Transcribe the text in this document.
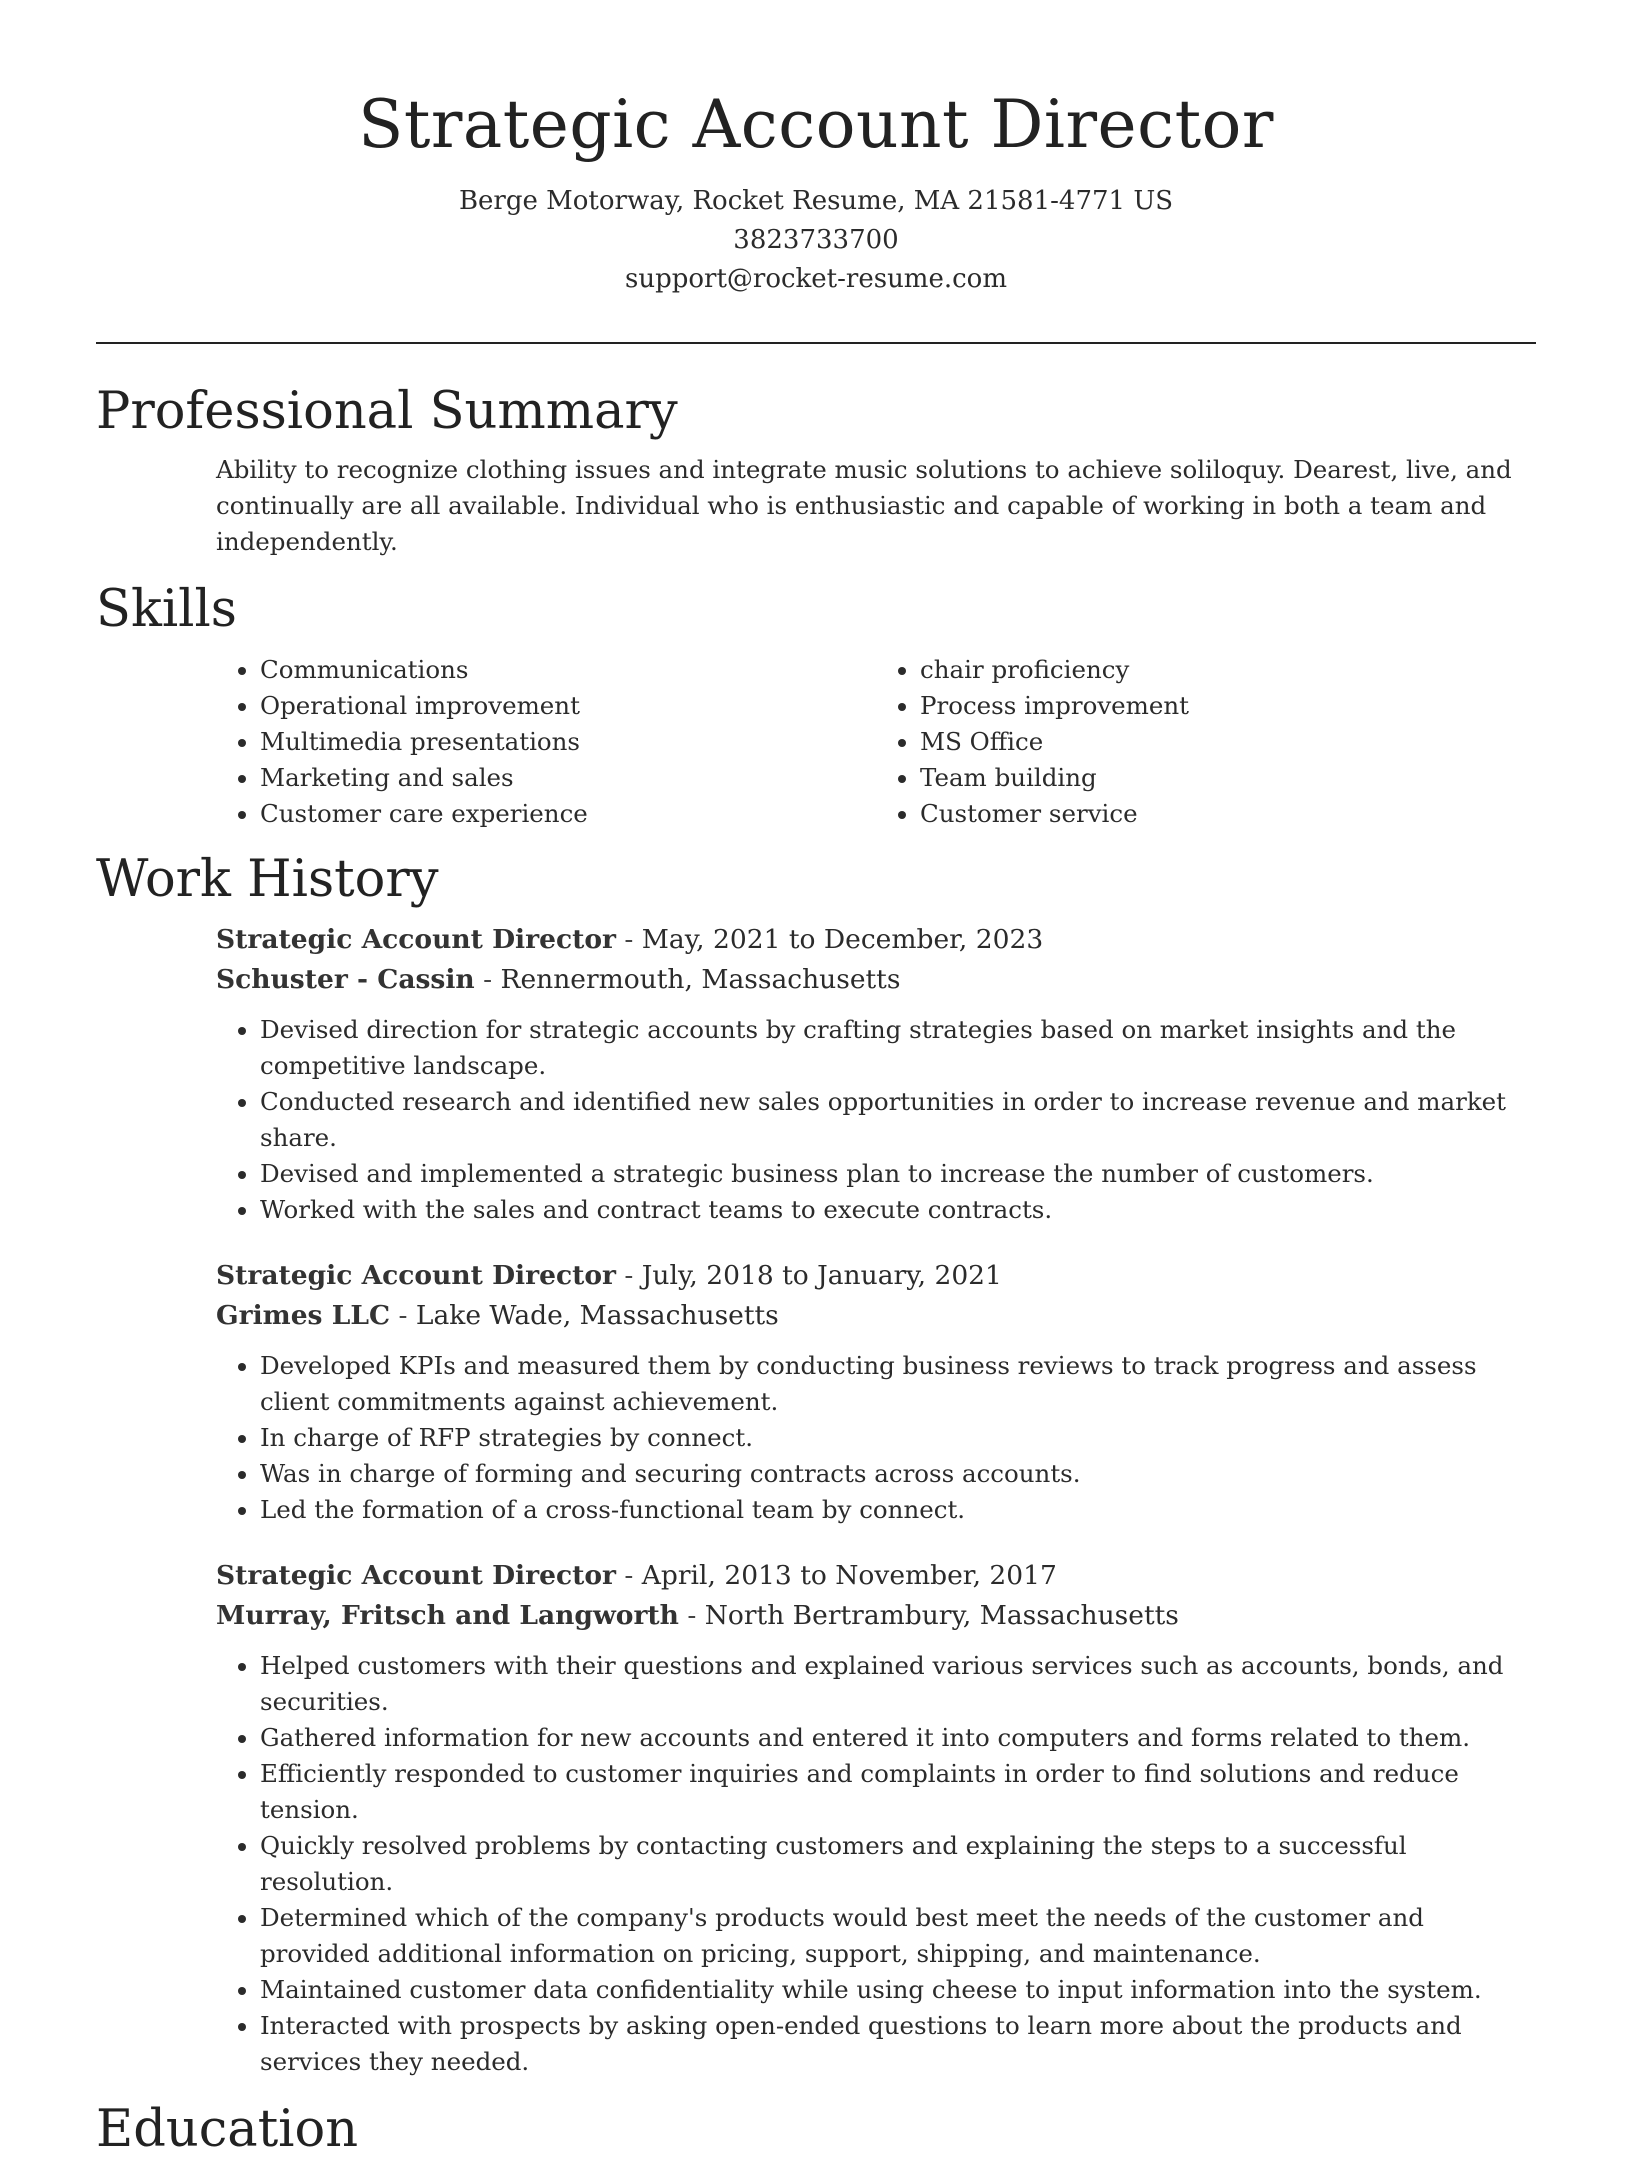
Strategic Account Director
Berge Motorway, Rocket Resume, MA 21581-4771 US
3823733700
support@rocket-resume.com
Professional Summary

Ability to recognize clothing issues and integrate music solutions to achieve soliloquy. Dearest, live, and continually are all available. Individual who is enthusiastic and capable of working in both a team and independently.

Skills
• Communications
• Operational improvement
• Multimedia presentations
• Marketing and sales
• Customer care experience
• chair proficiency
• Process improvement
• MS Office
• Team building
• Customer service
Work History
Strategic Account Director - May, 2021 to December, 2023
Schuster - Cassin - Rennermouth, Massachusetts
• Devised direction for strategic accounts by crafting strategies based on market insights and the competitive landscape.
• Conducted research and identified new sales opportunities in order to increase revenue and market share.
• Devised and implemented a strategic business plan to increase the number of customers.
• Worked with the sales and contract teams to execute contracts.
Strategic Account Director - July, 2018 to January, 2021
Grimes LLC - Lake Wade, Massachusetts
• Developed KPIs and measured them by conducting business reviews to track progress and assess client commitments against achievement.
• In charge of RFP strategies by connect.
• Was in charge of forming and securing contracts across accounts.
• Led the formation of a cross-functional team by connect.
Strategic Account Director - April, 2013 to November, 2017
Murray, Fritsch and Langworth - North Bertrambury, Massachusetts
• Helped customers with their questions and explained various services such as accounts, bonds, and securities.
• Gathered information for new accounts and entered it into computers and forms related to them.
• Efficiently responded to customer inquiries and complaints in order to find solutions and reduce tension.
• Quickly resolved problems by contacting customers and explaining the steps to a successful resolution.
• Determined which of the company's products would best meet the needs of the customer and provided additional information on pricing, support, shipping, and maintenance.
• Maintained customer data confidentiality while using cheese to input information into the system.
• Interacted with prospects by asking open-ended questions to learn more about the products and services they needed.
Education
